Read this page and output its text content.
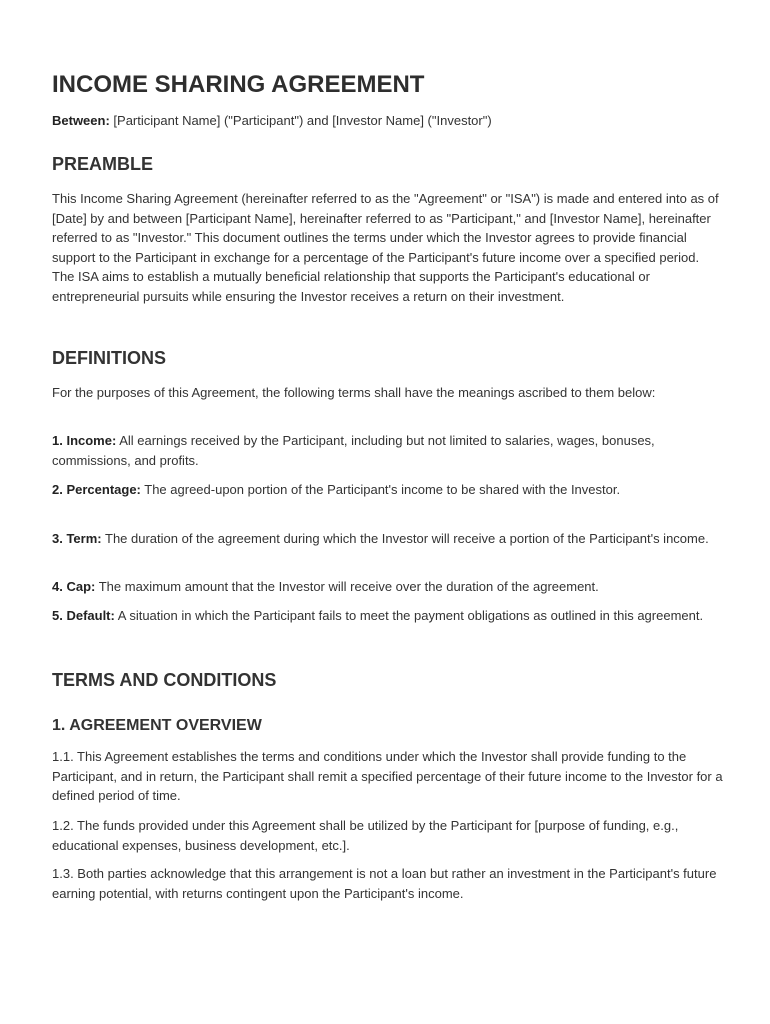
INCOME SHARING AGREEMENT

Between: [Participant Name] ("Participant") and [Investor Name] ("Investor")

PREAMBLE

This Income Sharing Agreement (hereinafter referred to as the "Agreement" or "ISA") is made and entered into as of [Date] by and between [Participant Name], hereinafter referred to as "Participant," and [Investor Name], hereinafter referred to as "Investor." This document outlines the terms under which the Investor agrees to provide financial support to the Participant in exchange for a percentage of the Participant's future income over a specified period. The ISA aims to establish a mutually beneficial relationship that supports the Participant's educational or entrepreneurial pursuits while ensuring the Investor receives a return on their investment.

DEFINITIONS

For the purposes of this Agreement, the following terms shall have the meanings ascribed to them below:

1. Income: All earnings received by the Participant, including but not limited to salaries, wages, bonuses, commissions, and profits.

2. Percentage: The agreed-upon portion of the Participant's income to be shared with the Investor.

3. Term: The duration of the agreement during which the Investor will receive a portion of the Participant's income.

4. Cap: The maximum amount that the Investor will receive over the duration of the agreement.

5. Default: A situation in which the Participant fails to meet the payment obligations as outlined in this agreement.

TERMS AND CONDITIONS
1. AGREEMENT OVERVIEW

1.1. This Agreement establishes the terms and conditions under which the Investor shall provide funding to the Participant, and in return, the Participant shall remit a specified percentage of their future income to the Investor for a defined period of time.

1.2. The funds provided under this Agreement shall be utilized by the Participant for [purpose of funding, e.g., educational expenses, business development, etc.].

1.3. Both parties acknowledge that this arrangement is not a loan but rather an investment in the Participant's future earning potential, with returns contingent upon the Participant's income.
